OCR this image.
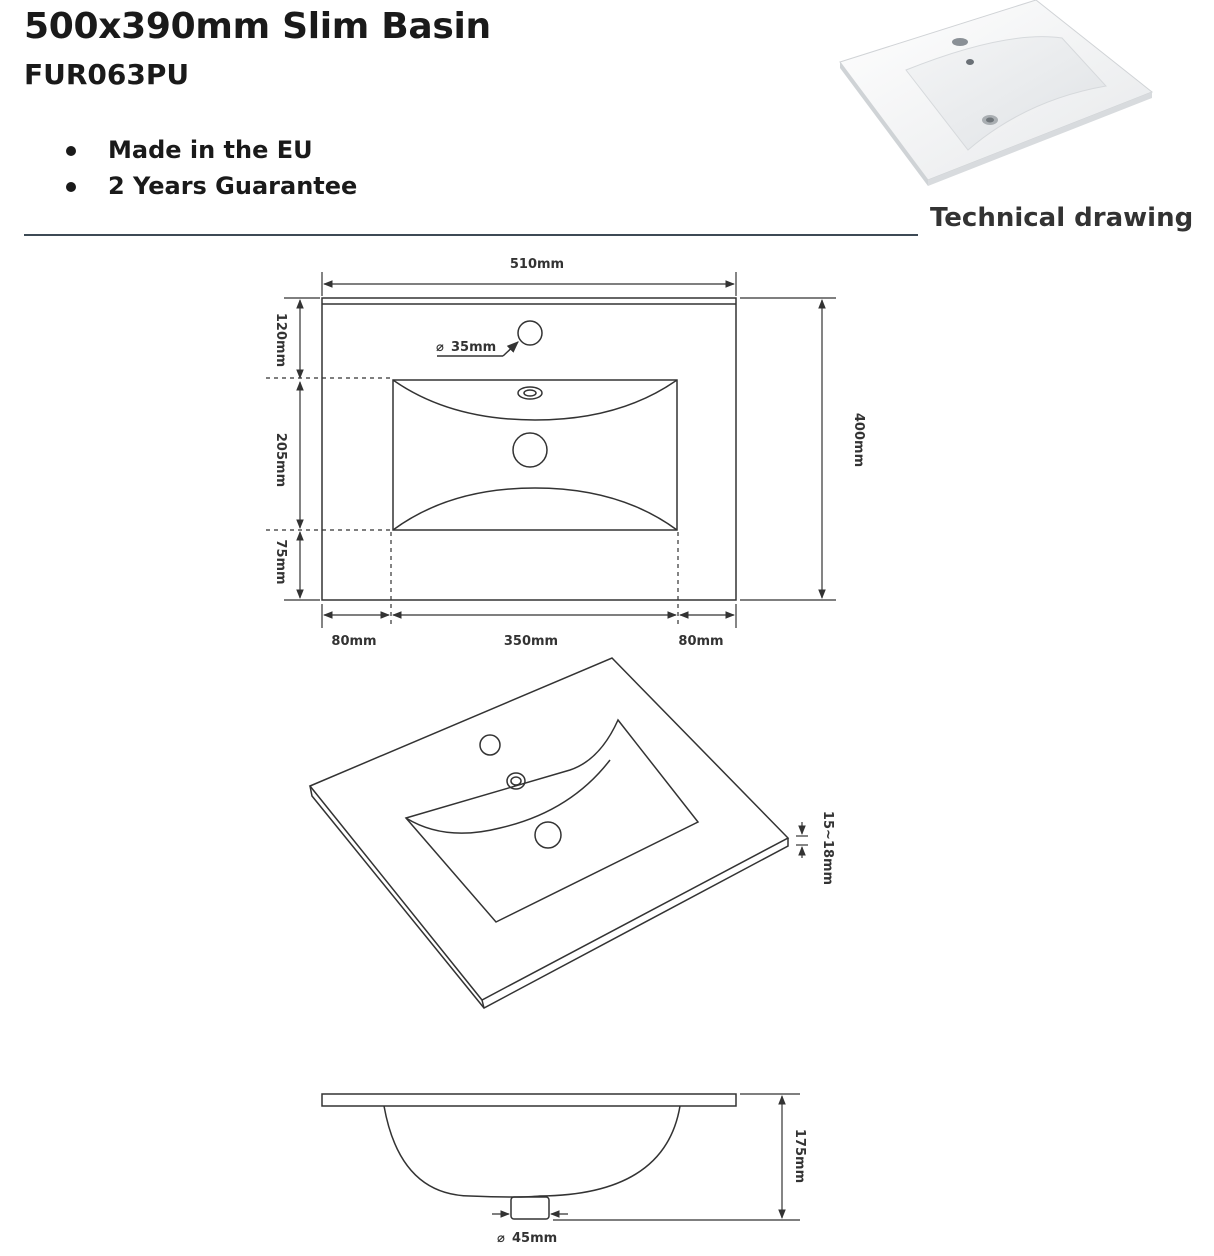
500x390mm Slim Basin
FUR063PU
Made in the EU
2 Years Guarantee
Technical drawing
510mm
⌀ 35mm
400mm
120mm
205mm
75mm
80mm	350mm	80mm
15~18mm
175mm
⌀ 45mm
